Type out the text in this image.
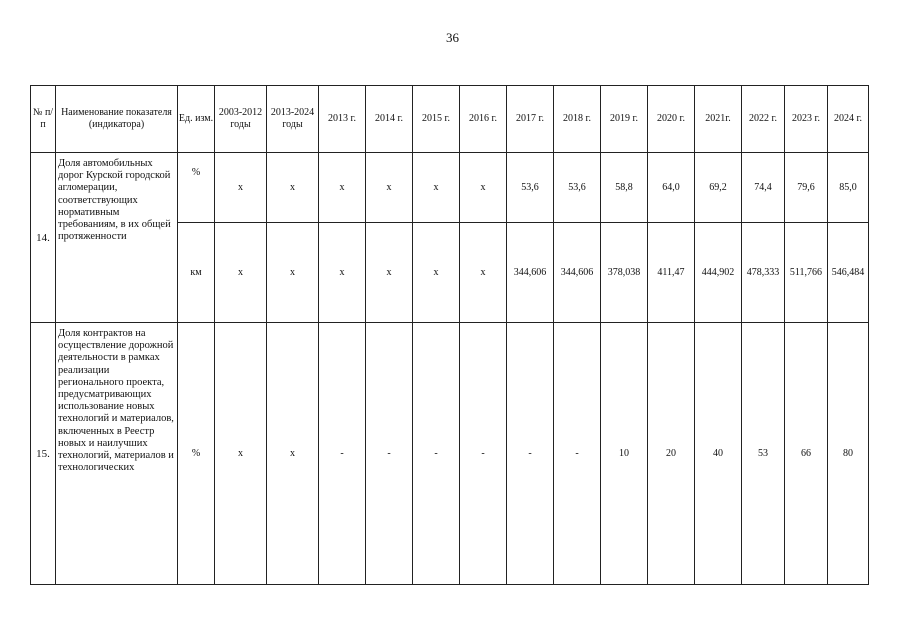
36
№ п/п	Наименование показателя (индикатора)	Ед. изм.	2003-2012 годы	2013-2024 годы	2013 г.	2014 г.	2015 г.	2016 г.	2017 г.	2018 г.	2019 г.	2020 г.	2021г.	2022 г.	2023 г.	2024 г.
14.	Доля автомобильных дорог Курской городской агломерации, соответствующих нормативным требованиям, в их общей протяженности	%	x	x	x	x	x	x	53,6	53,6	58,8	64,0	69,2	74,4	79,6	85,0
		км	x	x	x	x	x	x	344,606	344,606	378,038	411,47	444,902	478,333	511,766	546,484
15.	Доля контрактов на осуществление дорожной деятельности в рамках реализации регионального проекта, предусматривающих использование новых технологий и материалов, включенных в Реестр новых и наилучших технологий, материалов и технологических	%	x	x	-	-	-	-	-	-	10	20	40	53	66	80
